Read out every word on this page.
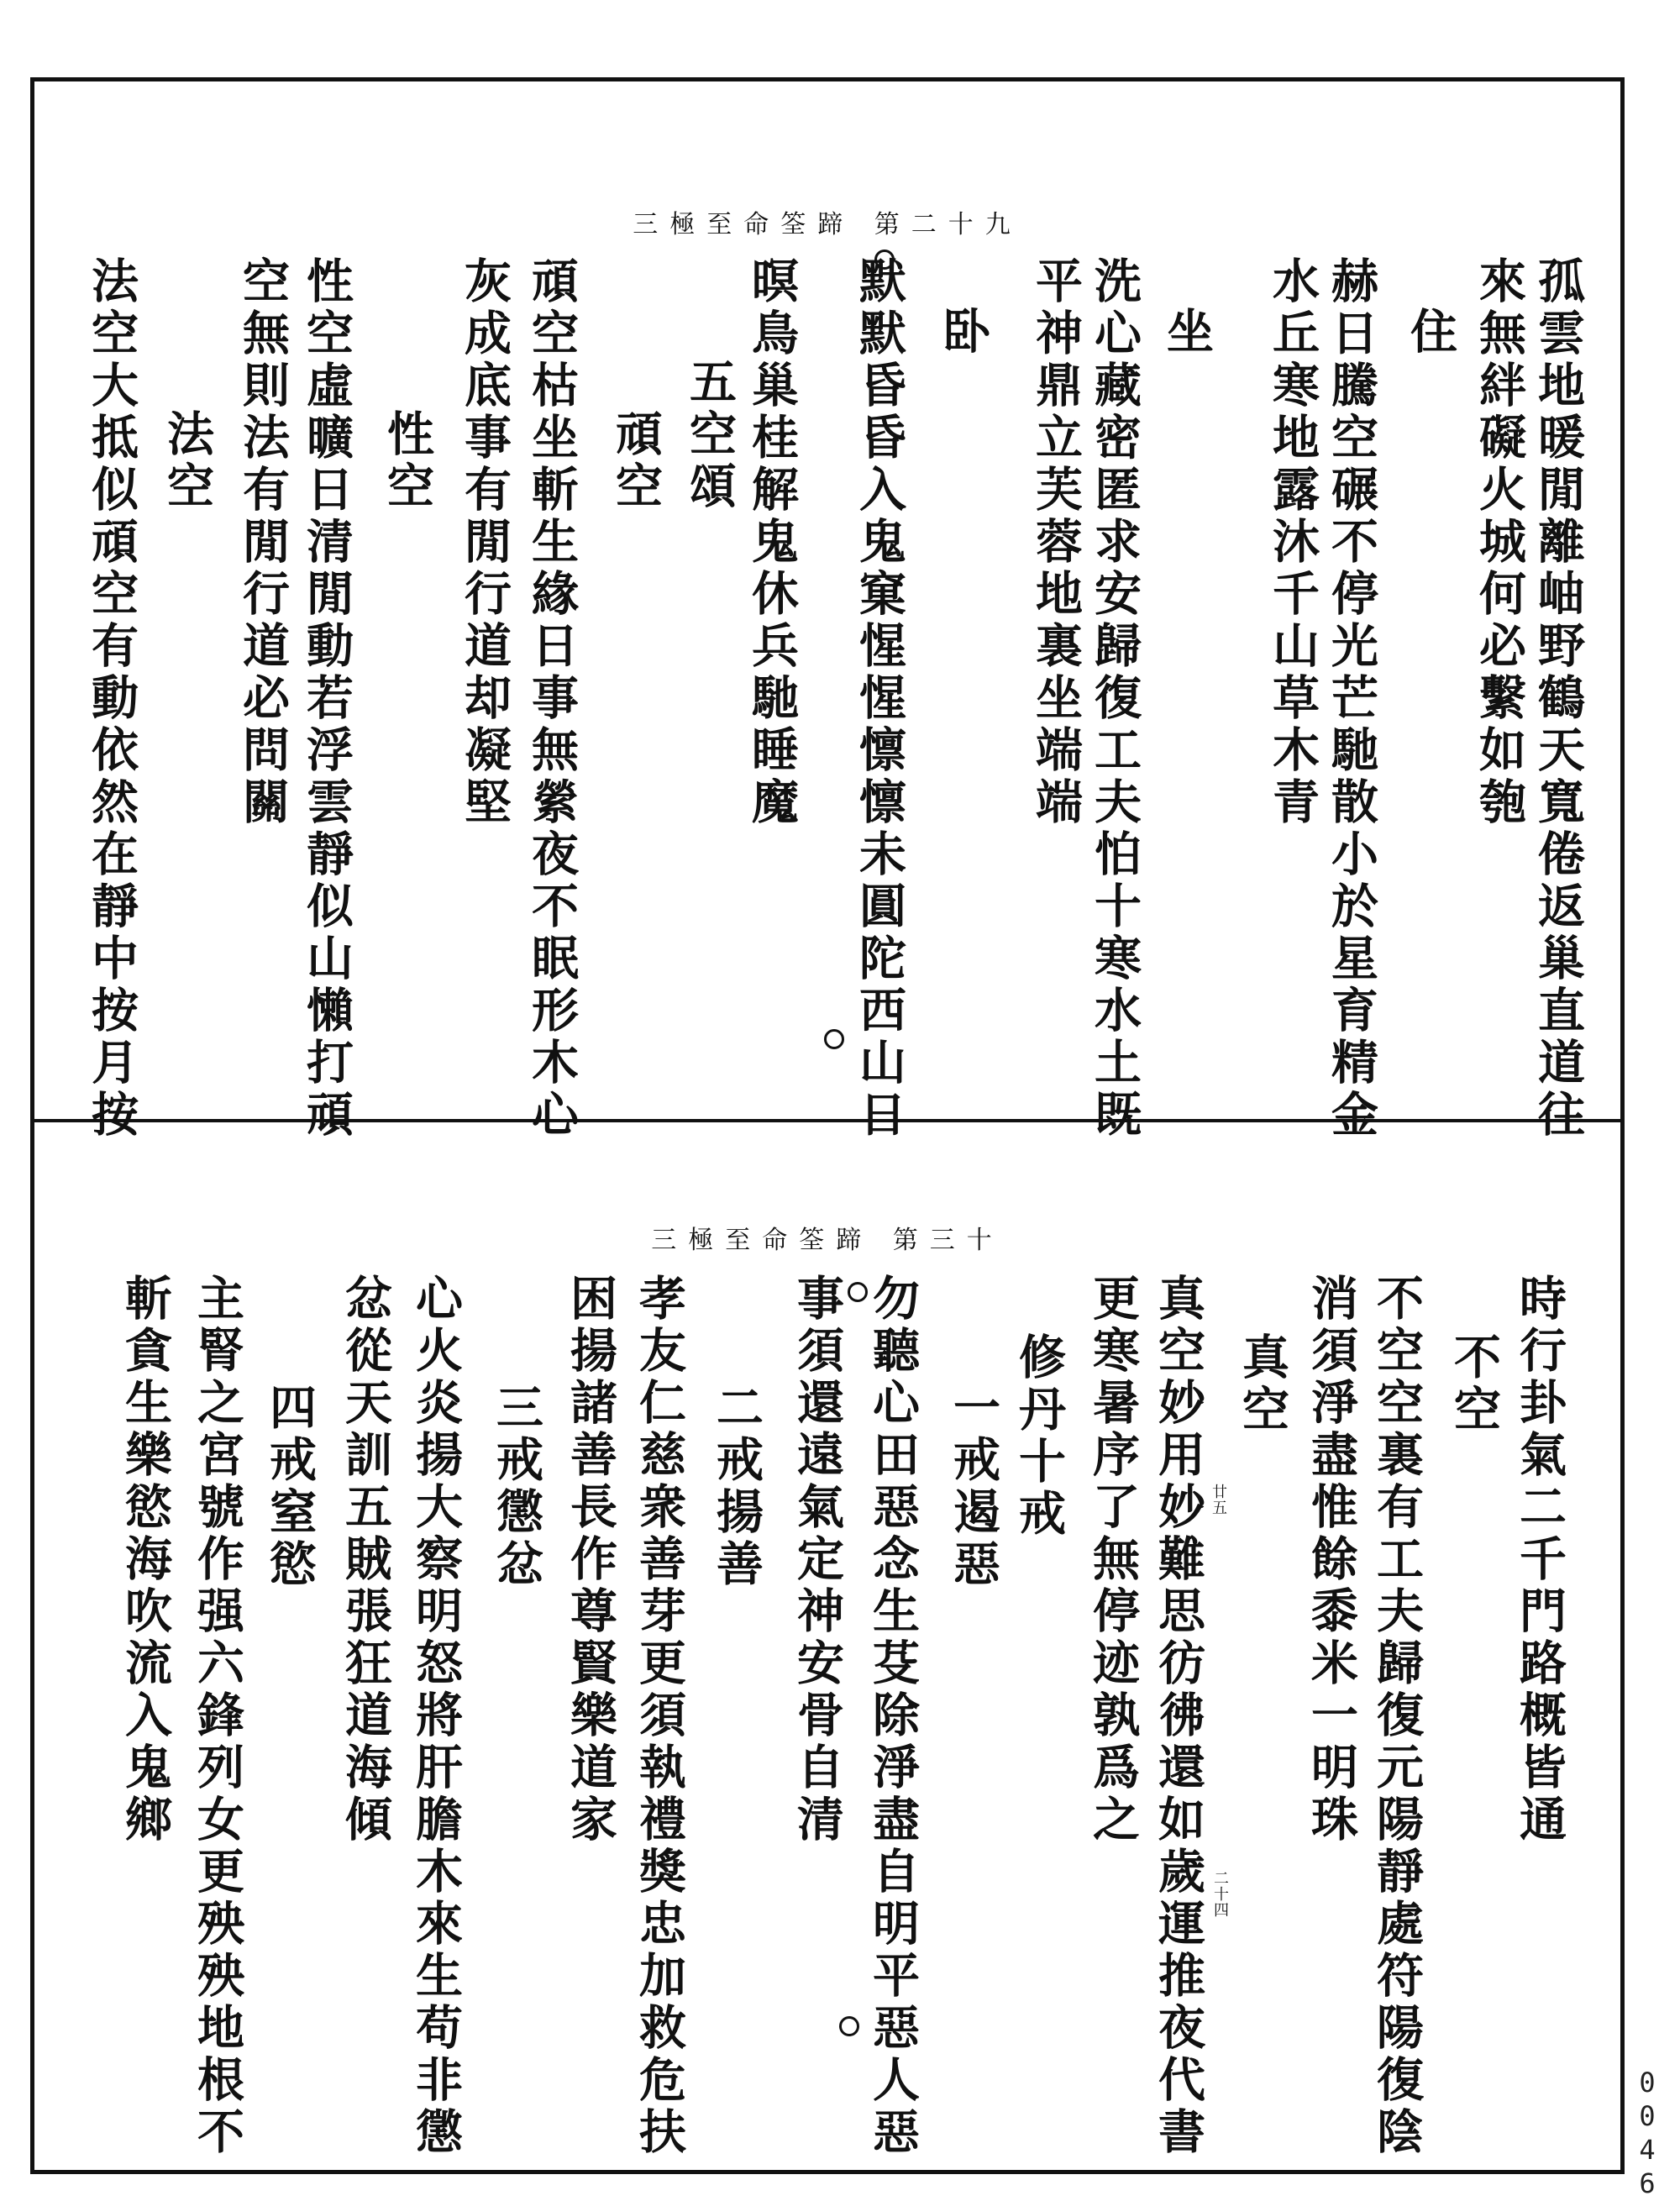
三極至命筌蹄 第二十九
孤雲地暖閒離岫野鶴天寬倦返巢直道往
來無絆礙火城何必繫如匏
住
赫日騰空碾不停光芒馳散小於星育精金
水丘寒地露沐千山草木青
坐
洗心藏密匿求安歸復工夫怕十寒水土既
平神鼎立芙蓉地裏坐端端
卧
默默昏昏入鬼窠惺惺懔懔未圓陀西山日
暝鳥巢桂解鬼休兵馳睡魔
五空頌
頑空
頑空枯坐斬生緣日事無縈夜不眠形木心
灰成底事有閒行道却凝堅
性空
性空虛曠日清閒動若浮雲靜似山懶打頑
空無則法有閒行道必問關
法空
法空大抵似頑空有動依然在靜中按月按
三極至命筌蹄 第三十
時行卦氣二千門路概皆通
不空
不空空裏有工夫歸復元陽靜處符陽復陰
消須淨盡惟餘黍米一明珠
真空
廿五
真空妙用妙難思彷彿還如歲運推夜代書 二十四
更寒暑序了無停迹孰爲之
修丹十戒
一戒遏惡
勿聽心田惡念生芟除淨盡自明平惡人惡
事須還遠氣定神安骨自清
二戒揚善
孝友仁慈衆善芽更須執禮獎忠加救危扶
困揚諸善長作尊賢樂道家
三戒懲忿
心火炎揚大察明怒將肝膽木來生苟非懲
忿從天訓五賊張狂道海傾
四戒窒慾
主腎之宮號作强六鋒列女更殃殃地根不
斬貪生樂慾海吹流入鬼鄉
0046
